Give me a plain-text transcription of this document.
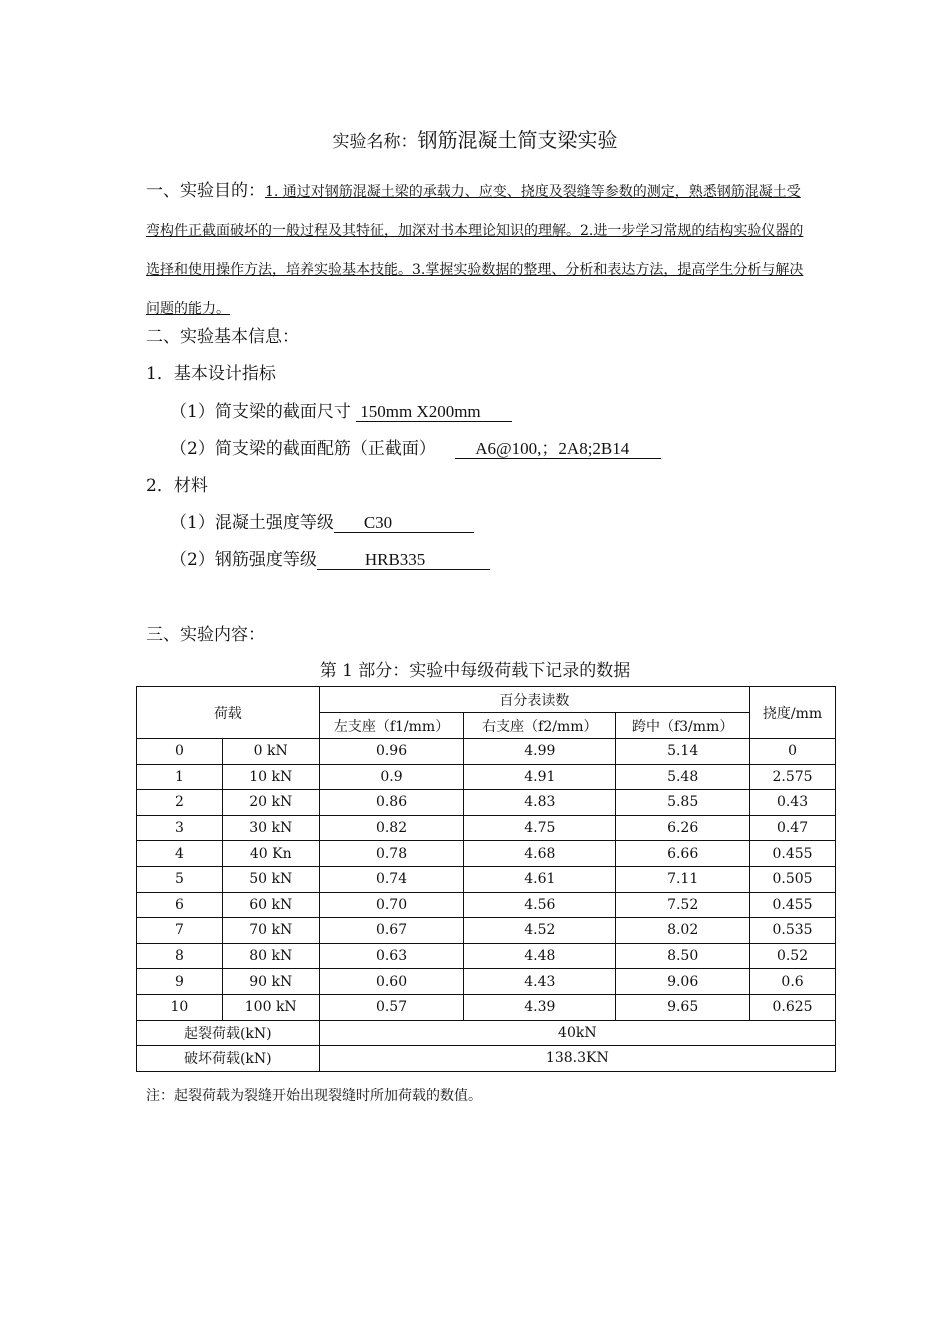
实验名称：钢筋混凝土简支梁实验
一、实验目的：1. 通过对钢筋混凝土梁的承载力、应变、挠度及裂缝等参数的测定，熟悉钢筋混凝土受弯构件正截面破坏的一般过程及其特征，加深对书本理论知识的理解。2.进一步学习常规的结构实验仪器的选择和使用操作方法，培养实验基本技能。3.掌握实验数据的整理、分析和表达方法，提高学生分析与解决问题的能力。
二、实验基本信息：
1．基本设计指标
（1）简支梁的截面尺寸 150mm X200mm
（2）简支梁的截面配筋（正截面） A6@100,；2A8;2B14
2．材料
（1）混凝土强度等级 C30
（2）钢筋强度等级	HRB335
三、实验内容：
第 1 部分：实验中每级荷载下记录的数据
荷载		百分表读数			挠度/mm
		左支座（f1/mm）	右支座（f2/mm）	跨中（f3/mm）	
0	0 kN	0.96	4.99	5.14	0
1	10 kN	0.9	4.91	5.48	2.575
2	20 kN	0.86	4.83	5.85	0.43
3	30 kN	0.82	4.75	6.26	0.47
4	40 Kn	0.78	4.68	6.66	0.455
5	50 kN	0.74	4.61	7.11	0.505
6	60 kN	0.70	4.56	7.52	0.455
7	70 kN	0.67	4.52	8.02	0.535
8	80 kN	0.63	4.48	8.50	0.52
9	90 kN	0.60	4.43	9.06	0.6
10	100 kN	0.57	4.39	9.65	0.625
起裂荷载(kN)		40kN			
破坏荷载(kN)		138.3KN			
注：起裂荷载为裂缝开始出现裂缝时所加荷载的数值。
